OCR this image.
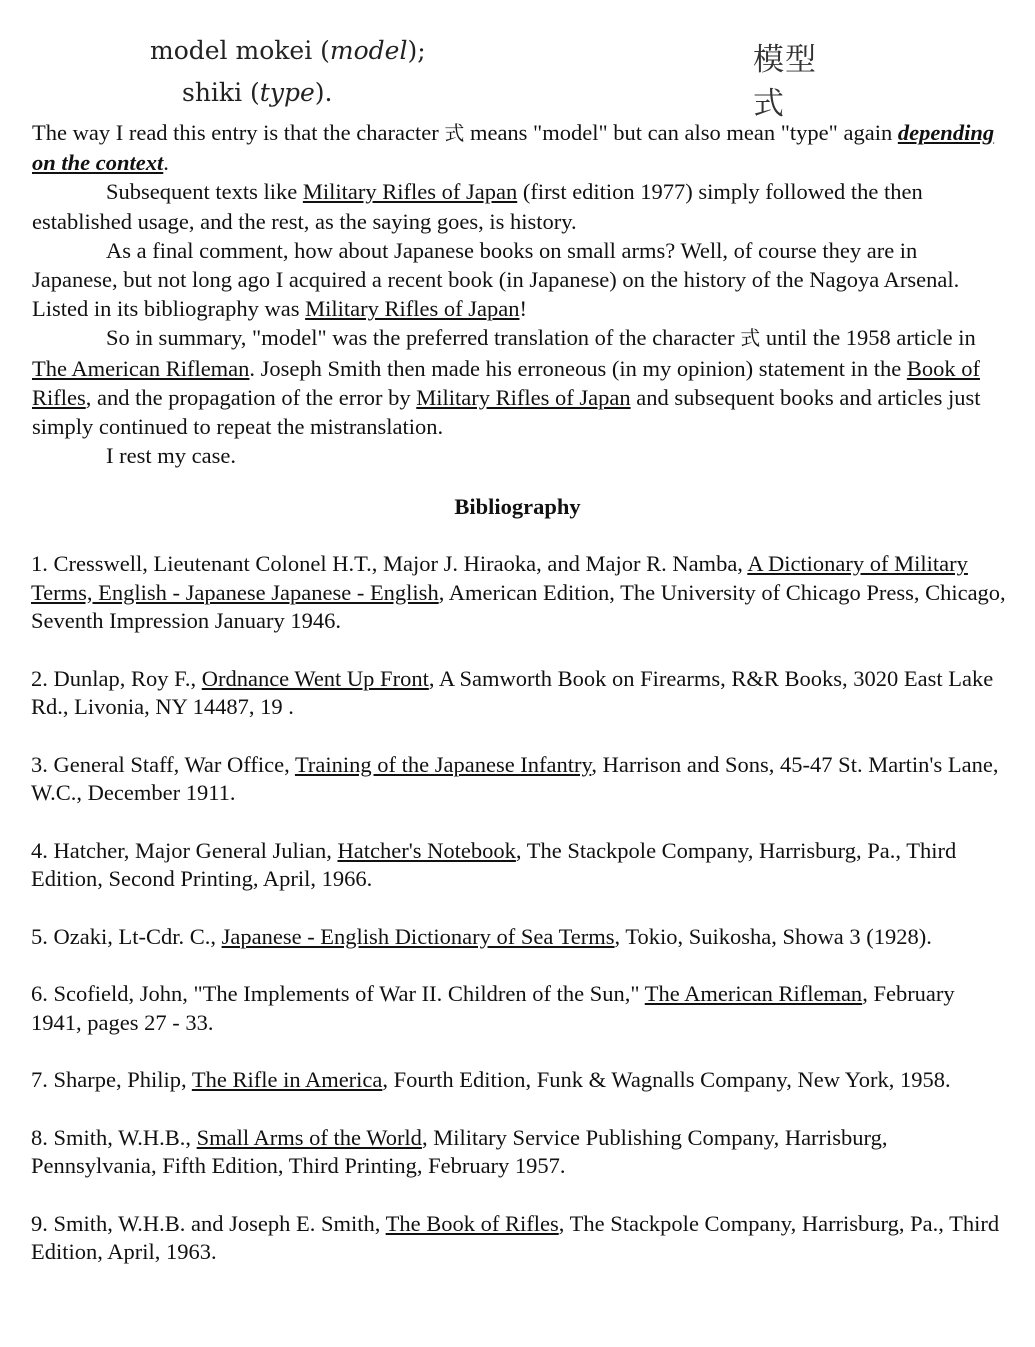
model mokei (model);
shiki (type).
模型
式

The way I read this entry is that the character 式 means "model" but can also mean "type" again depending on the context.

Subsequent texts like Military Rifles of Japan (first edition 1977) simply followed the then established usage, and the rest, as the saying goes, is history.

As a final comment, how about Japanese books on small arms? Well, of course they are in Japanese, but not long ago I acquired a recent book (in Japanese) on the history of the Nagoya Arsenal. Listed in its bibliography was Military Rifles of Japan!

So in summary, "model" was the preferred translation of the character 式 until the 1958 article in The American Rifleman. Joseph Smith then made his erroneous (in my opinion) statement in the Book of Rifles, and the propagation of the error by Military Rifles of Japan and subsequent books and articles just simply continued to repeat the mistranslation.

I rest my case.

Bibliography

1. Cresswell, Lieutenant Colonel H.T., Major J. Hiraoka, and Major R. Namba, A Dictionary of Military Terms, English - Japanese Japanese - English, American Edition, The University of Chicago Press, Chicago, Seventh Impression January 1946.

2. Dunlap, Roy F., Ordnance Went Up Front, A Samworth Book on Firearms, R&R Books, 3020 East Lake Rd., Livonia, NY 14487, 19 .

3. General Staff, War Office, Training of the Japanese Infantry, Harrison and Sons, 45-47 St. Martin's Lane, W.C., December 1911.

4. Hatcher, Major General Julian, Hatcher's Notebook, The Stackpole Company, Harrisburg, Pa., Third Edition, Second Printing, April, 1966.

5. Ozaki, Lt-Cdr. C., Japanese - English Dictionary of Sea Terms, Tokio, Suikosha, Showa 3 (1928).

6. Scofield, John, "The Implements of War II. Children of the Sun," The American Rifleman, February 1941, pages 27 - 33.

7. Sharpe, Philip, The Rifle in America, Fourth Edition, Funk & Wagnalls Company, New York, 1958.

8. Smith, W.H.B., Small Arms of the World, Military Service Publishing Company, Harrisburg, Pennsylvania, Fifth Edition, Third Printing, February 1957.

9. Smith, W.H.B. and Joseph E. Smith, The Book of Rifles, The Stackpole Company, Harrisburg, Pa., Third Edition, April, 1963.
